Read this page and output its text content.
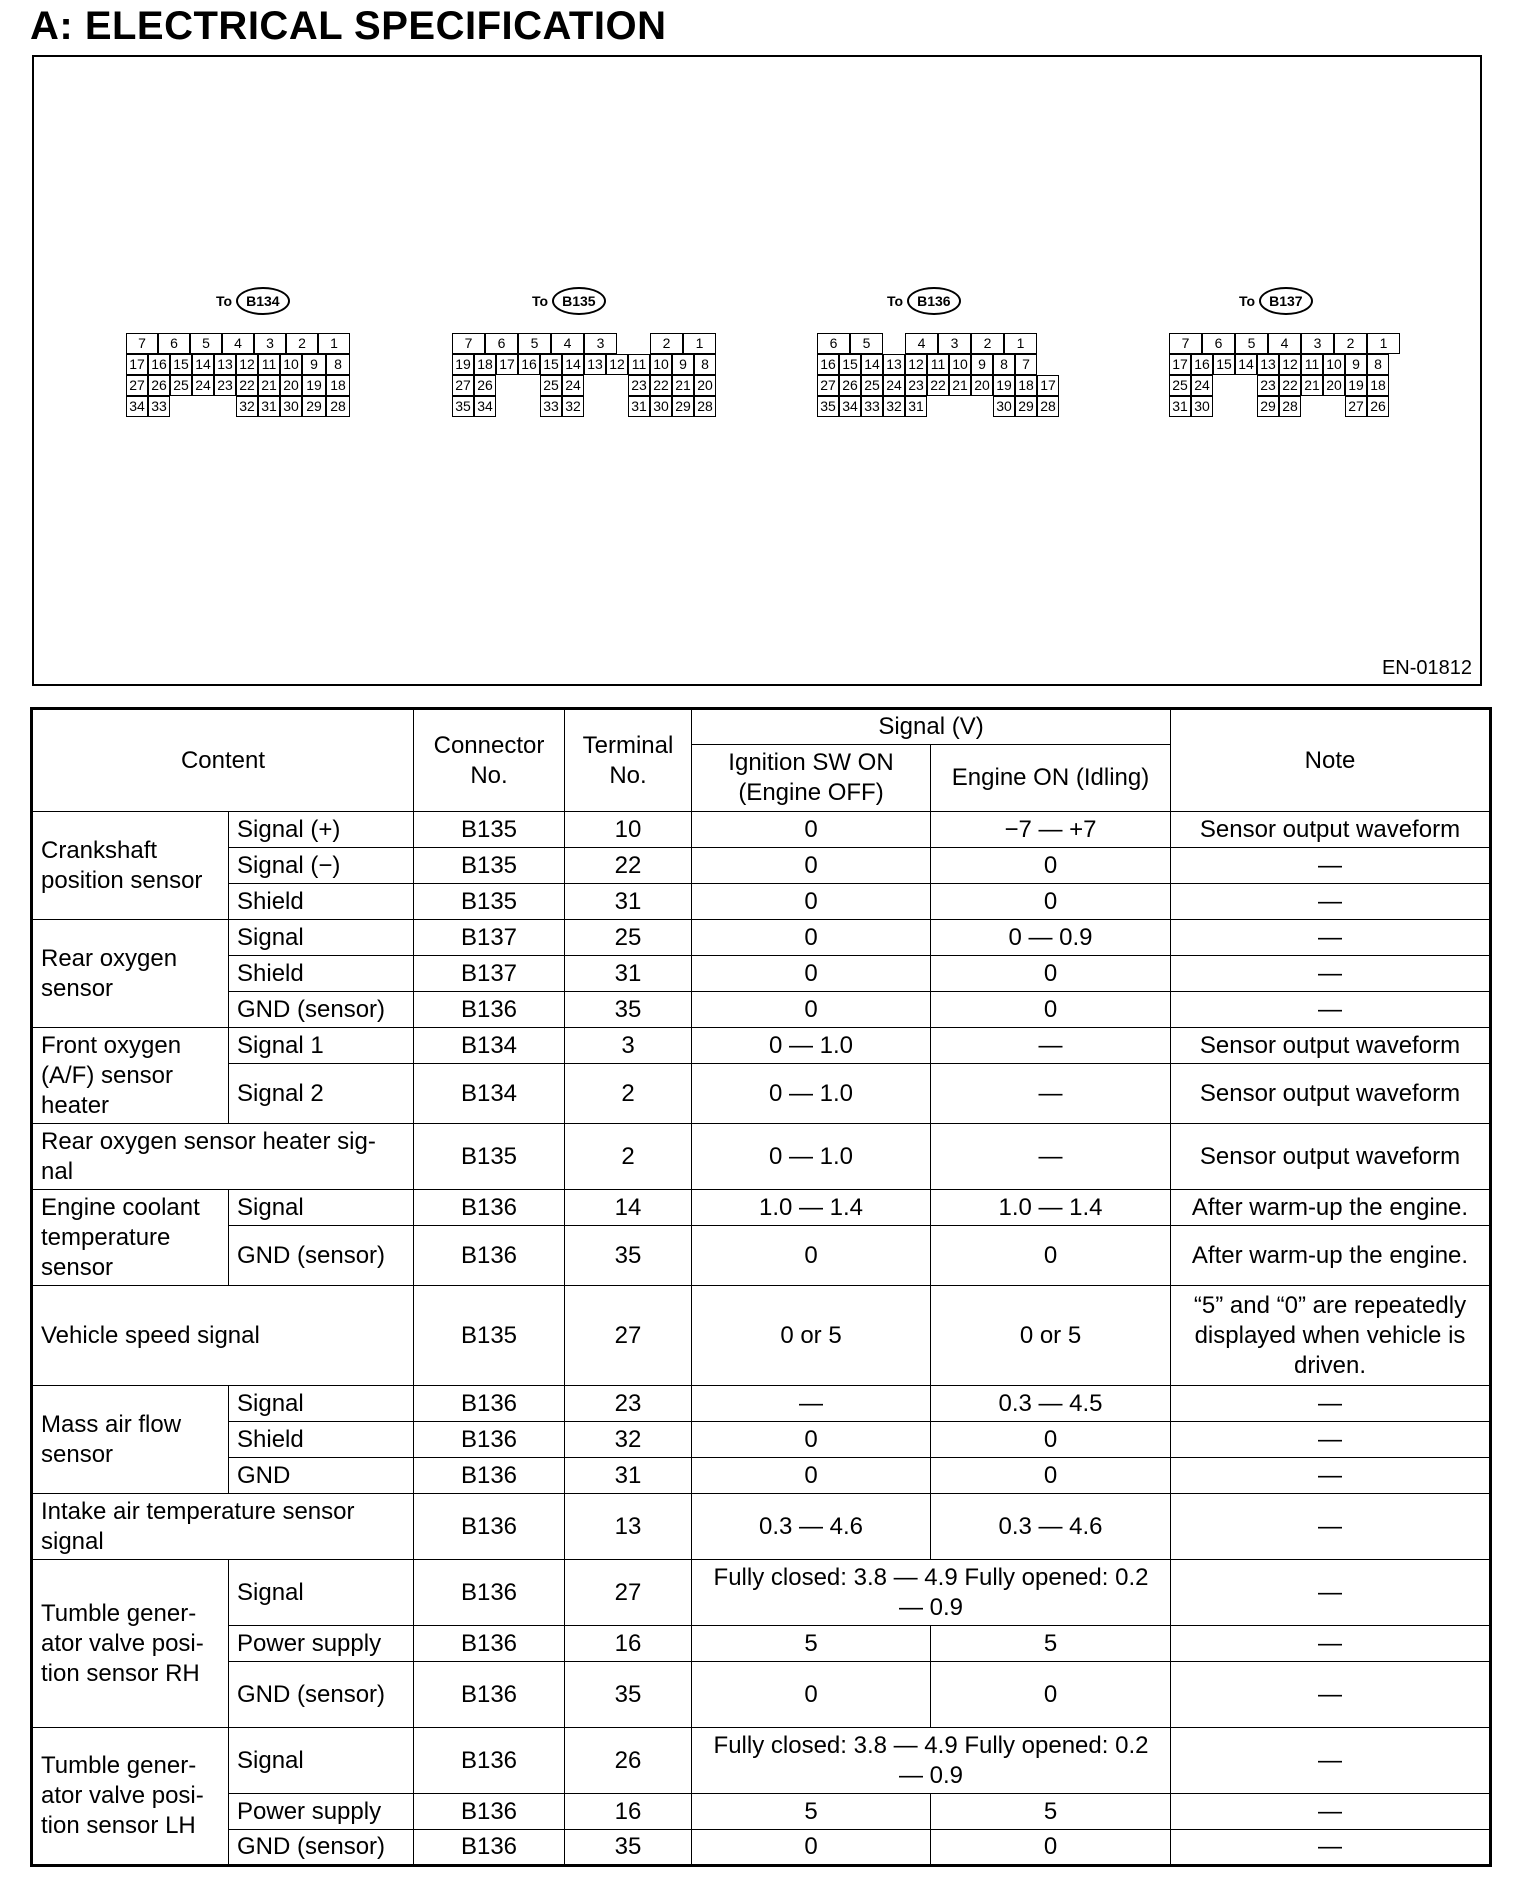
A: ELECTRICAL SPECIFICATION
To	B134
7	6	5	4	3	2	1
17 16 15 14 13 12 11 10 9	8
27 26 25 24 23 22 21 20 19 18
34 33	32 31 30 29 28
To	B135
7	6	5	4	3	2	1
19 18 17 16 15 14 13 12 11 10 9	8
27 26	25 24	23 22 21 20
35 34	33 32	31 30 29 28
To	B136
6	5	4	3	2	1
16 15 14 13 12 11 10 9	8	7
27 26 25 24 23 22 21 20 19 18 17
35 34 33 32 31	30 29 28
To	B137
7	6	5	4	3	2	1
17 16 15 14 13 12 11 10 9	8
25 24	23 22 21 20 19 18
31 30	29 28	27 26
EN-01812
Content		Connector No.	Terminal No.	Signal (V)		Note
				Ignition SW ON (Engine OFF)	Engine ON (Idling)	
Crankshaft position sensor	Signal (+)	B135	10	0	−7 — +7	Sensor output waveform
	Signal (−)	B135	22	0	0	—
	Shield	B135	31	0	0	—
Rear oxygen sensor	Signal	B137	25	0	0 — 0.9	—
	Shield	B137	31	0	0	—
	GND (sensor)	B136	35	0	0	—
Front oxygen (A/F) sensor heater	Signal 1	B134	3	0 — 1.0	—	Sensor output waveform
	Signal 2	B134	2	0 — 1.0	—	Sensor output waveform
Rear oxygen sensor heater sig-nal		B135	2	0 — 1.0	—	Sensor output waveform
Engine coolant temperature sensor	Signal	B136	14	1.0 — 1.4	1.0 — 1.4	After warm-up the engine.
	GND (sensor)	B136	35	0	0	After warm-up the engine.
Vehicle speed signal		B135	27	0 or 5	0 or 5	“5” and “0” are repeatedly displayed when vehicle is driven.
Mass air flow sensor	Signal	B136	23	—	0.3 — 4.5	—
	Shield	B136	32	0	0	—
	GND	B136	31	0	0	—
Intake air temperature sensor signal		B136	13	0.3 — 4.6	0.3 — 4.6	—
Tumble gener-ator valve posi-tion sensor RH	Signal	B136	27	Fully closed: 3.8 — 4.9 Fully opened: 0.2 — 0.9		—
	Power supply	B136	16	5	5	—
	GND (sensor)	B136	35	0	0	—
Tumble gener-ator valve posi-tion sensor LH	Signal	B136	26	Fully closed: 3.8 — 4.9 Fully opened: 0.2 — 0.9		—
	Power supply	B136	16	5	5	—
	GND (sensor)	B136	35	0	0	—
